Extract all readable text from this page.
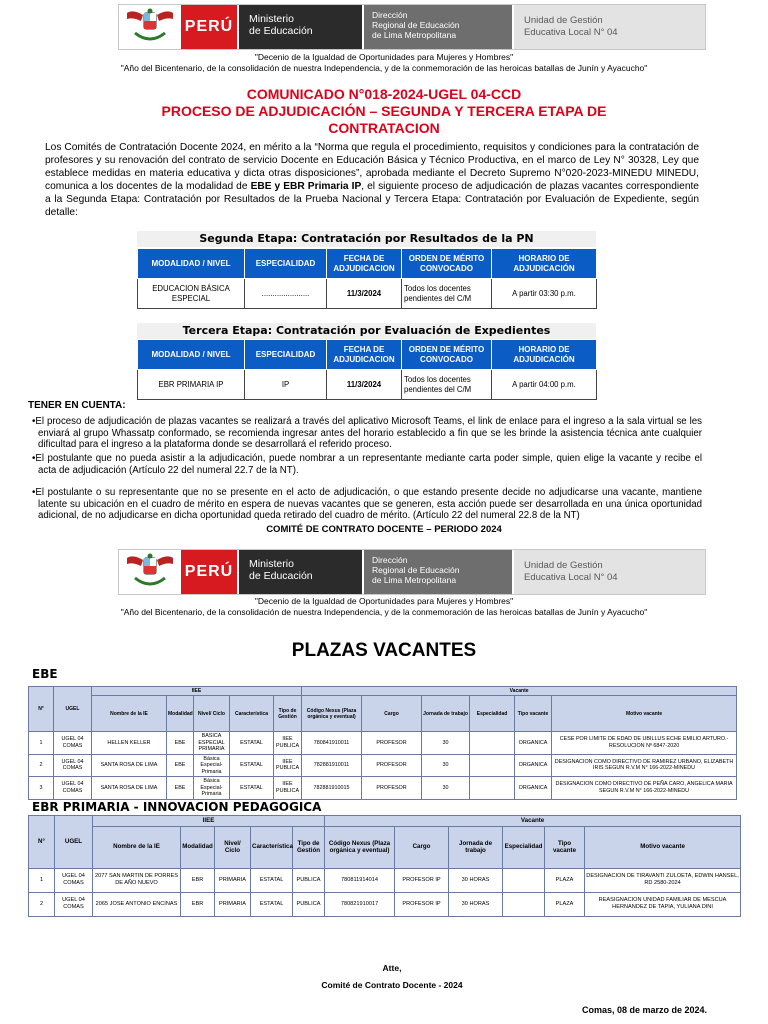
PERÚ	Ministerio
de Educación
Dirección
Regional de Educación
de Lima Metropolitana
Unidad de Gestión
Educativa Local N° 04
"Decenio de la Igualdad de Oportunidades para Mujeres y Hombres"
"Año del Bicentenario, de la consolidación de nuestra Independencia, y de la conmemoración de las heroicas batallas de Junín y Ayacucho"
COMUNICADO N°018-2024-UGEL 04-CCD
PROCESO DE ADJUDICACIÓN – SEGUNDA Y TERCERA ETAPA DE
CONTRATACION
Los Comités de Contratación Docente 2024, en mérito a la “Norma que regula el procedimiento, requisitos y condiciones para la contratación de profesores y su renovación del contrato de servicio Docente en Educación Básica y Técnico Productiva, en el marco de Ley N° 30328, Ley que establece medidas en materia educativa y dicta otras disposiciones”, aprobada mediante el Decreto Supremo N°020-2023-MINEDU MINEDU, comunica a los docentes de la modalidad de EBE y EBR Primaria IP, el siguiente proceso de adjudicación de plazas vacantes correspondiente a la Segunda Etapa: Contratación por Resultados de la Prueba Nacional y Tercera Etapa: Contratación por Evaluación de Expediente, según detalle:
Segunda Etapa: Contratación por Resultados de la PN
MODALIDAD / NIVEL	ESPECIALIDAD	FECHA DE ADJUDICACION	ORDEN DE MÉRITO CONVOCADO	HORARIO DE ADJUDICACIÓN
EDUCACION BÁSICA ESPECIAL	......................	11/3/2024	Todos los docentes pendientes del C/M	A partir 03:30 p.m.
Tercera Etapa: Contratación por Evaluación de Expedientes
MODALIDAD / NIVEL	ESPECIALIDAD	FECHA DE ADJUDICACION	ORDEN DE MÉRITO CONVOCADO	HORARIO DE ADJUDICACIÓN
EBR PRIMARIA IP	IP	11/3/2024	Todos los docentes pendientes del C/M	A partir 04:00 p.m.
TENER EN CUENTA:
•El proceso de adjudicación de plazas vacantes se realizará a través del aplicativo Microsoft Teams, el link de enlace para el ingreso a la sala virtual se les enviará al grupo Whassatp conformado, se recomienda ingresar antes del horario establecido a fin que se les brinde la asistencia técnica ante cualquier dificultad para el ingreso a la plataforma donde se desarrollará el referido proceso.
•El postulante que no pueda asistir a la adjudicación, puede nombrar a un representante mediante carta poder simple, quien elige la vacante y recibe el acta de adjudicación (Artículo 22 del numeral 22.7 de la NT).
•El postulante o su representante que no se presente en el acto de adjudicación, o que estando presente decide no adjudicarse una vacante, mantiene latente su ubicación en el cuadro de mérito en espera de nuevas vacantes que se generen, esta acción puede ser desarrollada en una única oportunidad adicional, de no adjudicarse en dicha oportunidad queda retirado del cuadro de mérito. (Artículo 22 del numeral 22.8 de la NT)
COMITÉ DE CONTRATO DOCENTE – PERIODO 2024
PERÚ	Ministerio
de Educación
Dirección
Regional de Educación
de Lima Metropolitana
Unidad de Gestión
Educativa Local N° 04
"Decenio de la Igualdad de Oportunidades para Mujeres y Hombres"
"Año del Bicentenario, de la consolidación de nuestra Independencia, y de la conmemoración de las heroicas batallas de Junín y Ayacucho"
PLAZAS VACANTES
EBE
N°	UGEL	IIEE					Vacante					
		Nombre de la IE	Modalidad	Nivel/ Ciclo	Característica	Tipo de Gestión	Código Nexus (Plaza orgánica y eventual)	Cargo	Jornada de trabajo	Especialidad	Tipo vacante	Motivo vacante
1	UGEL 04 COMAS	HELLEN KELLER	EBE	BASICA ESPECIAL PRIMARIA	ESTATAL	IIEE PUBLICA	780841910011	PROFESOR	30		ORGANICA	CESE POR LIMITE DE EDAD DE UBILLUS ECHE EMILIO ARTURO.- RESOLUCION Nº 6847-2020
2	UGEL 04 COMAS	SANTA ROSA DE LIMA	EBE	Básica Especial-Primaria	ESTATAL	IIEE PUBLICA	782881910011	PROFESOR	30		ORGANICA	DESIGNACION COMO DIRECTIVO DE RAMIREZ URBANO, ELIZABETH IRIS SEGUN R.V.M N° 166-2022-MINEDU
3	UGEL 04 COMAS	SANTA ROSA DE LIMA	EBE	Básica Especial-Primaria	ESTATAL	IIEE PUBLICA	782881910015	PROFESOR	30		ORGANICA	DESIGNACION COMO DIRECTIVO DE PEÑA CARO, ANGELICA MARIA SEGUN R.V.M N° 166-2022-MINEDU
EBR PRIMARIA - INNOVACION PEDAGOGICA
N°	UGEL	IIEE					Vacante					
		Nombre de la IE	Modalidad	Nivel/ Ciclo	Característica	Tipo de Gestión	Código Nexus (Plaza orgánica y eventual)	Cargo	Jornada de trabajo	Especialidad	Tipo vacante	Motivo vacante
1	UGEL 04 COMAS	2077 SAN MARTIN DE PORRES DE AÑO NUEVO	EBR	PRIMARIA	ESTATAL	PUBLICA	780811914014	PROFESOR IP	30 HORAS		PLAZA	DESIGNACION DE TIRAVANTI ZULOETA, EDWIN HANSEL, RD 2580-2024
2	UGEL 04 COMAS	2065 JOSE ANTONIO ENCINAS	EBR	PRIMARIA	ESTATAL	PUBLICA	780821910017	PROFESOR IP	30 HORAS		PLAZA	REASIGNACION UNIDAD FAMILIAR DE MESCUA HERNANDEZ DE TAPIA, YULIANA DINI
Atte,
Comité de Contrato Docente - 2024
Comas, 08 de marzo de 2024.
